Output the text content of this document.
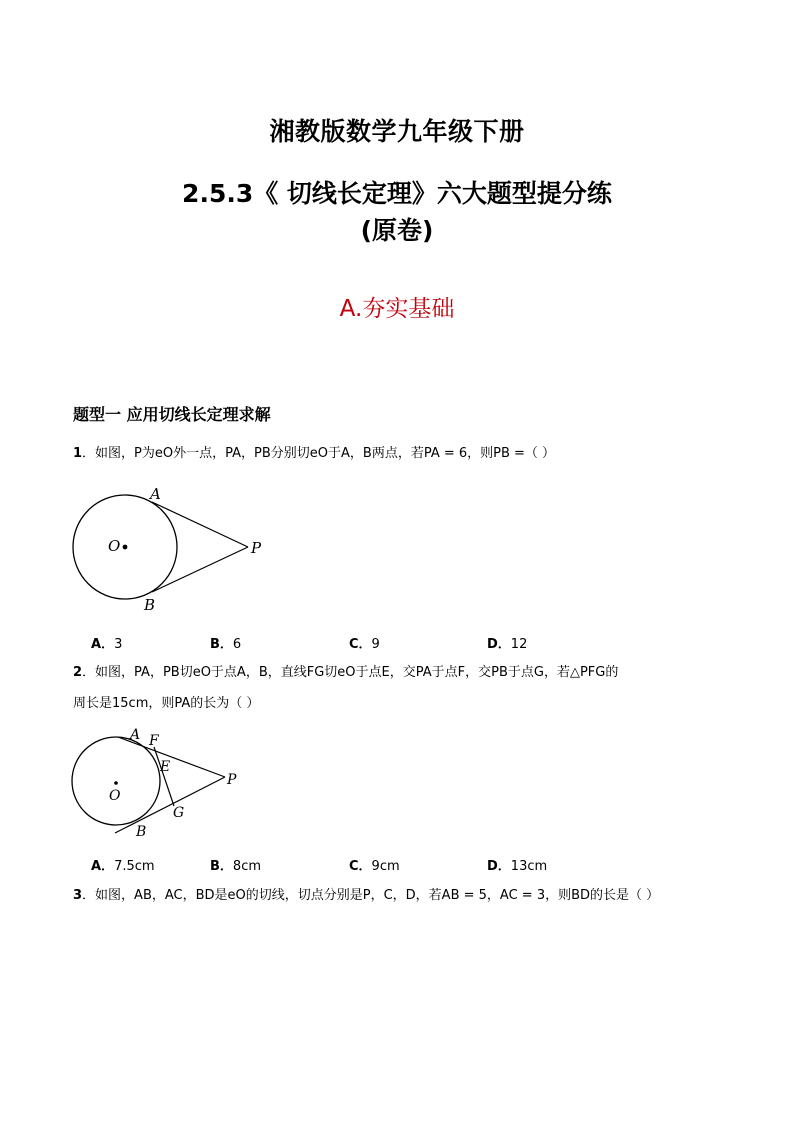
湘教版数学九年级下册
2.5.3《 切线长定理》六大题型提分练
(原卷)
A.夯实基础
题型一 应用切线长定理求解
1．如图，P为eO外一点，PA，PB分别切eO于A，B两点，若PA = 6，则PB =（ ）
A
B
O	P
A．3	B．6	C．9	D．12
2．如图，PA，PB切eO于点A，B，直线FG切eO于点E，交PA于点F，交PB于点G，若△PFG的
周长是15cm，则PA的长为（ ）
A F
E
P
O
G
B
A．7.5cm	B．8cm	C．9cm	D．13cm
3．如图，AB，AC，BD是eO的切线，切点分别是P，C，D，若AB = 5，AC = 3，则BD的长是（ ）
